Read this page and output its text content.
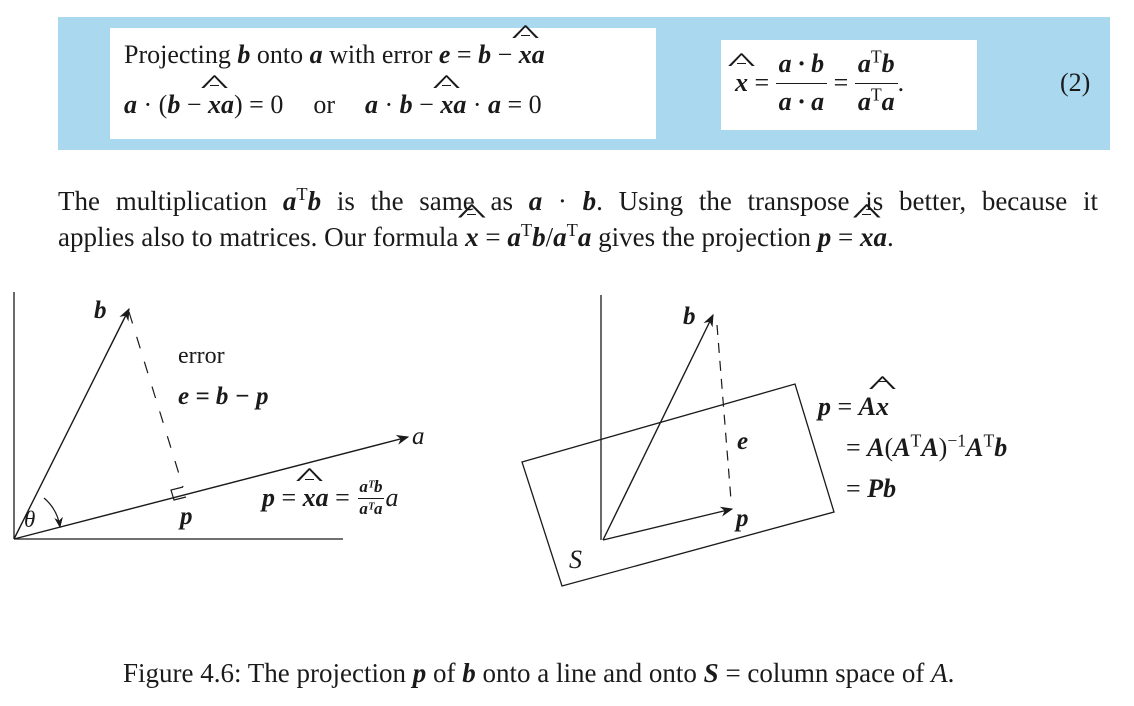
Projecting b onto a with error e = b − x ^a
a · (b − x ^a) = 0 or a · b − x ^a · a = 0
x ^ = $\frac{a \cdot b}{a \cdot a} = \frac{a^Tb}{a^Ta}$ .	(2)
The multiplication $a^Tb$ is the same as a · b. Using the transpose is better, because it
applies also to matrices. Our formula x ^ = $a^Tb/a^Ta$ gives the projection p = x ^a.
b
error
e = b − p
a
p
θ
b
e
p
S
p = x ^ $a = \frac{\text{aᵀb}}{\text{aᵀa}}$ a
p = Ax ^
= $A(A^TA)^{-1}A^Tb$
= Pb
Figure 4.6: The projection p of b onto a line and onto S = column space of A.
